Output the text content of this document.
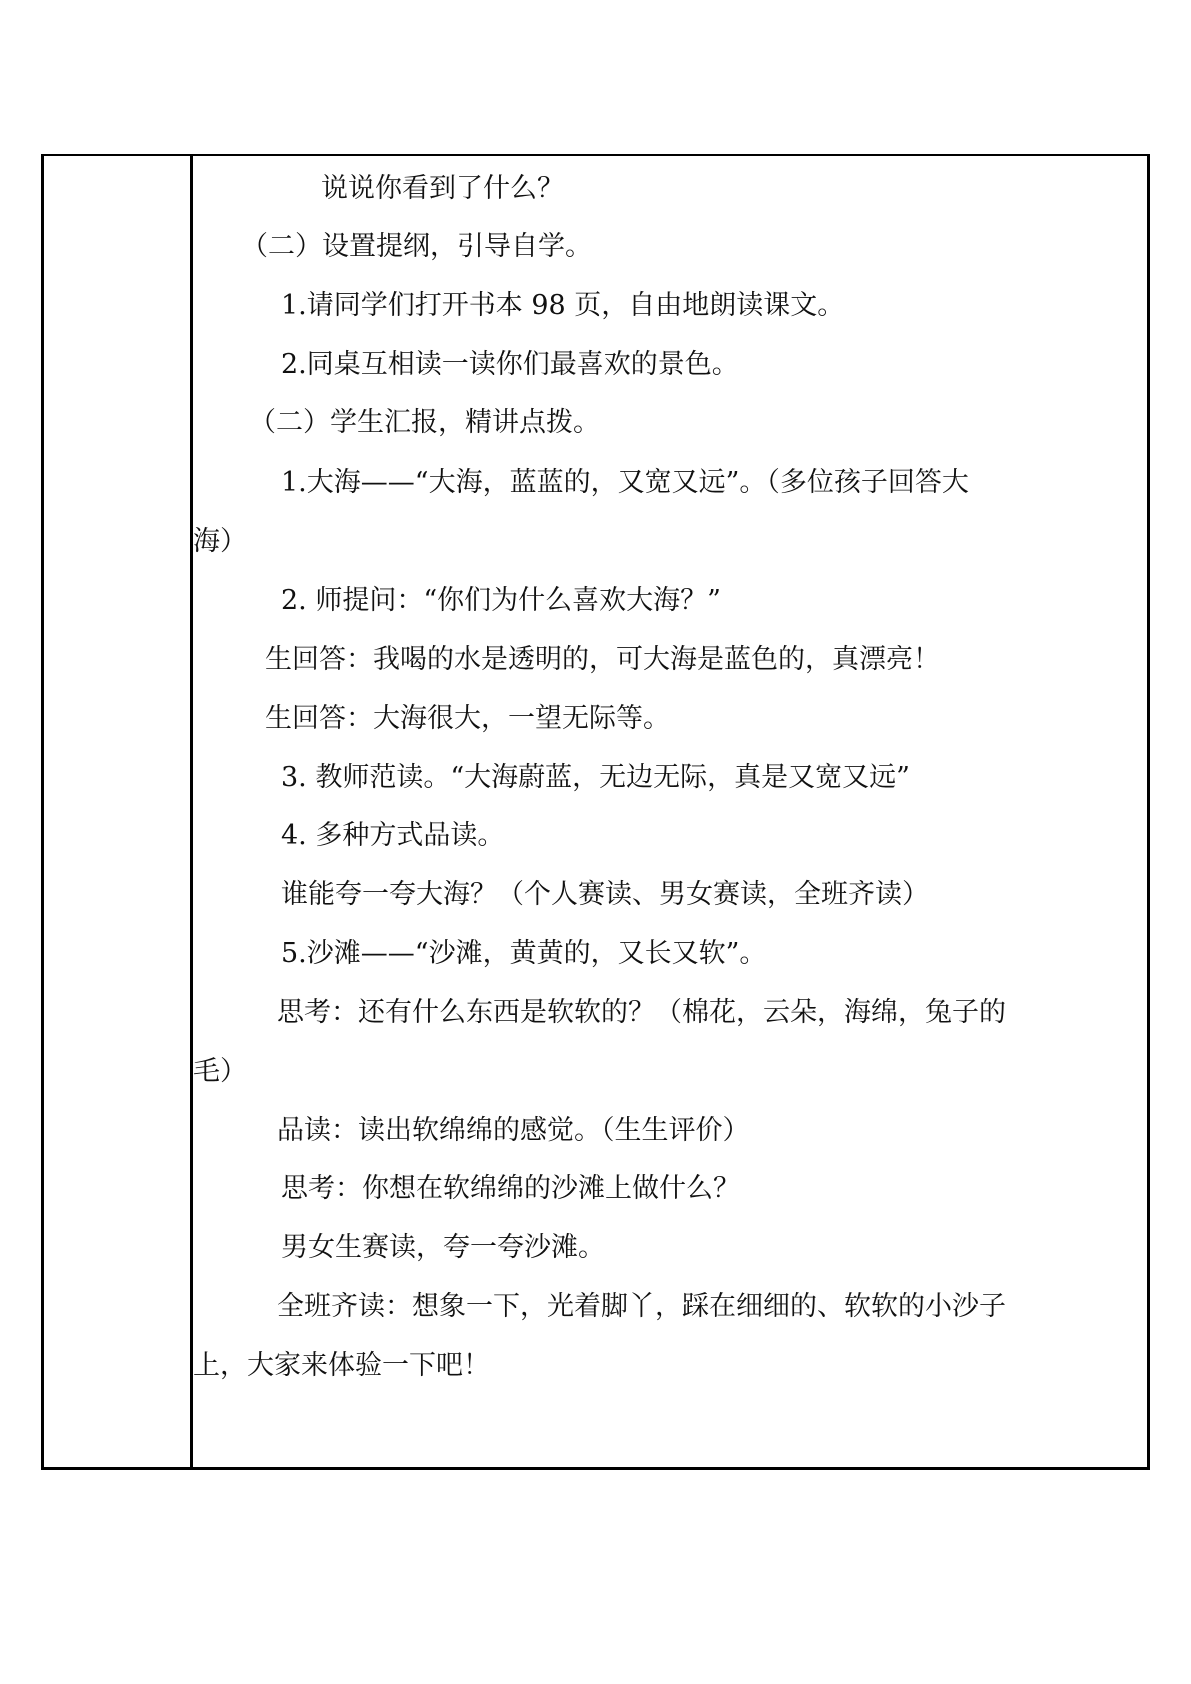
说说你看到了什么？
（二）设置提纲，引导自学。
1.请同学们打开书本 98 页，自由地朗读课文。
2.同桌互相读一读你们最喜欢的景色。
（二）学生汇报，精讲点拨。
1.大海——“大海，蓝蓝的，又宽又远”。（多位孩子回答大
海）
2. 师提问：“你们为什么喜欢大海？”
生回答：我喝的水是透明的，可大海是蓝色的，真漂亮！
生回答：大海很大，一望无际等。
3. 教师范读。“大海蔚蓝，无边无际，真是又宽又远”
4. 多种方式品读。
谁能夸一夸大海？（个人赛读、男女赛读，全班齐读）
5.沙滩——“沙滩，黄黄的，又长又软”。
思考：还有什么东西是软软的？（棉花，云朵，海绵，兔子的
毛）
品读：读出软绵绵的感觉。（生生评价）
思考：你想在软绵绵的沙滩上做什么？
男女生赛读，夸一夸沙滩。
全班齐读：想象一下，光着脚丫，踩在细细的、软软的小沙子
上，大家来体验一下吧！
